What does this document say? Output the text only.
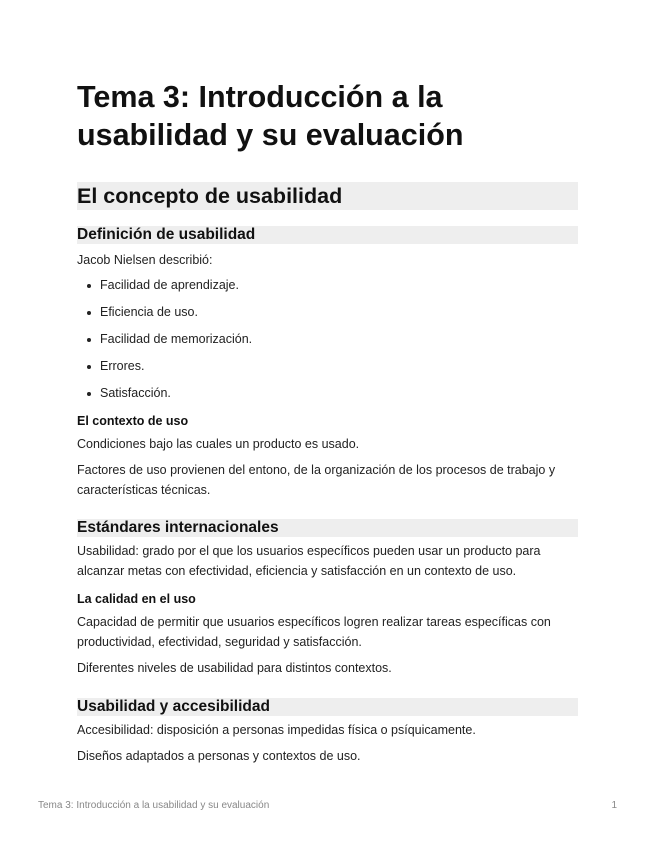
Tema 3: Introducción a la usabilidad y su evaluación
El concepto de usabilidad
Definición de usabilidad

Jacob Nielsen describió:

Facilidad de aprendizaje.
Eficiencia de uso.
Facilidad de memorización.
Errores.
Satisfacción.
El contexto de uso

Condiciones bajo las cuales un producto es usado.

Factores de uso provienen del entono, de la organización de los procesos de trabajo y características técnicas.

Estándares internacionales

Usabilidad: grado por el que los usuarios específicos pueden usar un producto para alcanzar metas con efectividad, eficiencia y satisfacción en un contexto de uso.

La calidad en el uso

Capacidad de permitir que usuarios específicos logren realizar tareas específicas con productividad, efectividad, seguridad y satisfacción.

Diferentes niveles de usabilidad para distintos contextos.

Usabilidad y accesibilidad

Accesibilidad: disposición a personas impedidas física o psíquicamente.

Diseños adaptados a personas y contextos de uso.

Tema 3: Introducción a la usabilidad y su evaluación	1
